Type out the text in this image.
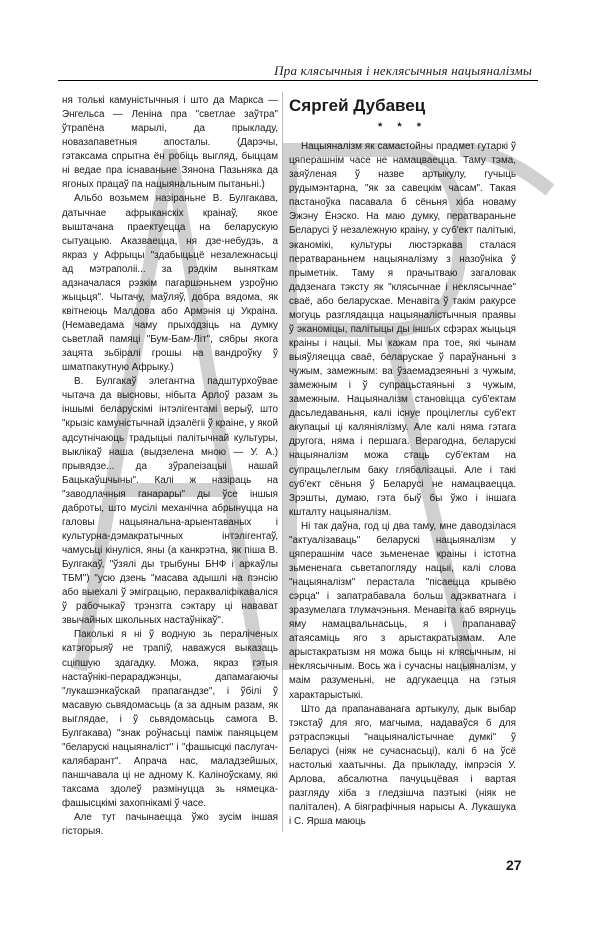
Пра клясычныя і неклясычныя нацыяналізмы

ня толькі камуністычныя і што да Маркса — Энгельса — Леніна пра "светлае заўтра" ўтрапёна марылі, да прыкладу, новазапаветныя апосталы. (Дарэчы, гэтаксама спрытна ён робіць выгляд, быццам ні ведае пра існаваньне Зянона Пазьняка да ягоных працаў па нацыянальным пытаньні.)

Альбо возьмем назіраньне В. Булгакава, датычнае афрыканскіх краінаў, якое выштачана праектуецца на беларускую сытуацыю. Аказваецца, ня дзе-небудзь, а якраз у Афрыцы "здабыцьцё незалежнасьці ад мэтраполіі... за рэдкім выняткам адзначалася рэзкім пагаршэньнем узроўню жыцьця". Чытачу, маўляў, добра вядома, як квітнеюць Малдова або Армэнія ці Украіна. (Немаведама чаму прыходзіць на думку сьветлай памяці "Бум-Бам-Літ", сябры якога зацята зьбіралі грошы на вандроўку ў шматпакутную Афрыку.)

В. Булгакаў элегантна падштурхоўвае чытача да высновы, нібыта Арлоў разам зь іншымі беларускімі інтэлігентамі верыў, што "крызіс камуністычнай ідэалёгіі ў краіне, у якой адсутнічаюць традыцыі палітычнай культуры, выклікаў наша (выдзелена мною — У. А.) прывядзе... да зўрапеізацыі нашай Бацькаўшчыны". Калі ж назіраць на "заводлачныя ганарары" ды ўсе іншыя даброты, што мусілі механічна абрынуцца на галовы нацыянальна-арыентаваных і культурна-дэмакратычных інтэлігентаў, чамусьці кінуліся, яны (а канкрэтна, як піша В. Булгакаў, "ўзялі ды трыбуны БНФ і аркаўлы ТБМ") "усю дзень "масава адышлі на пэнсію або выехалі ў эміграцыю, перакваліфікаваліся ў рабочыкаў трэнзгга сэктару ці навават звычайных школьных настаўнікаў".

Паколькі я ні ў водную зь пераліченых катэгорыяў не трапіў, наважуся выказаць сціпшую здагадку. Можа, якраз гэтыя настаўнікі-перараджэнцы, дапамагаючы "лукашэнкаўскай прапагандзе", і ўбілі ў масавую сьвядомасьць (а за адным разам, як выглядае, і ў сьвядомасьць самога В. Булгакава) "знак роўнасьці паміж паняцьцем "беларускі нацыяналіст" і "фашысцкі паслугач-калябарант". Апрача нас, маладзейшых, паншчавала ці не адному К. Каліноўскаму, які таксама здолеў размінуцца зь нямецка-фашысцкімі захопнікамі ў часе.

Але тут пачынаецца ўжо зусім іншая гісторыя.

Сяргей Дубавец
* * *

Нацыяналізм як самастойны прадмет гутаркі ў цяперашнім часе не намацваецца. Таму тэма, заяўленая ў назве артыкулу, гучыць рудымэнтарна, "як за савецкім часам". Такая пастаноўка пасавала б сёньня хіба новаму Эжэну Ёнэско. На маю думку, ператвараньне Беларусі ў незалежную краіну, у суб'ект палітыкі, эканомікі, культуры люстэркава сталася ператвараньнем нацыяналізму з назоўніка ў прыметнік. Таму я прачытваю загаловак дадзенага тэксту як "клясычнае і неклясычнае" сваё, або беларускае. Менавіта ў такім ракурсе могуць разглядацца нацыяналістычныя праявы ў эканоміцы, палітыцы ды іншых сфэрах жыцьця краіны і нацыі. Мы кажам пра тое, які чынам выяўляецца сваё, беларускае ў параўнаньні з чужым, замежным: ва ўзаемадзеяньні з чужым, замежным і ў супрацьстаяньні з чужым, замежным. Нацыяналізм становіцца суб'ектам дасьледаваньня, калі існуе процілеглы суб'ект акупацыі ці каляніялізму. Але калі няма гэтага другога, няма і першага. Верагодна, беларускі нацыяналізм можа стаць суб'ектам на супрацьлеглым баку глябалізацыі. Але і такі суб'ект сёньня ў Беларусі не намацваецца. Зрэшты, думаю, гэта быў бы ўжо і іншага кшталту нацыяналізм.

Ні так даўна, год ці два таму, мне даводзілася "актуалізаваць" беларускі нацыяналізм у цяперашнім часе зьмененае краіны і істотна зьмененага сьветапогляду нацыі, калі слова "нацыяналізм" перастала "пісаецца крывёю сэрца" і запатрабавала больш адэкватнага і зразумелага тлумачэньня. Менавіта каб вярнуць яму намацвальнасьць, я і прапанаваў атаясаміць яго з арыстакратызмам. Але арыстакратызм ня можа быць ні клясычным, ні неклясычным. Вось жа і сучасны нацыяналізм, у маім разуменьні, не адгукаецца на гэтыя характарыстыкі.

Што да прапанаванага артыкулу, дык выбар тэкстаў для яго, магчыма, надаваўся б для рэтраспэкцыі "нацыяналістычнае думкі" ў Беларусі (ніяк не сучаснасьці), калі б на ўсё настолькі хаатычны. Да прыкладу, імпрэсія У. Арлова, абсалютна пачуцьцёвая і вартая разгляду хіба з гледзішча паэтыкі (ніяк не палітален). А біяграфічныя нарысы А. Лукашука і С. Ярша маюць

27
